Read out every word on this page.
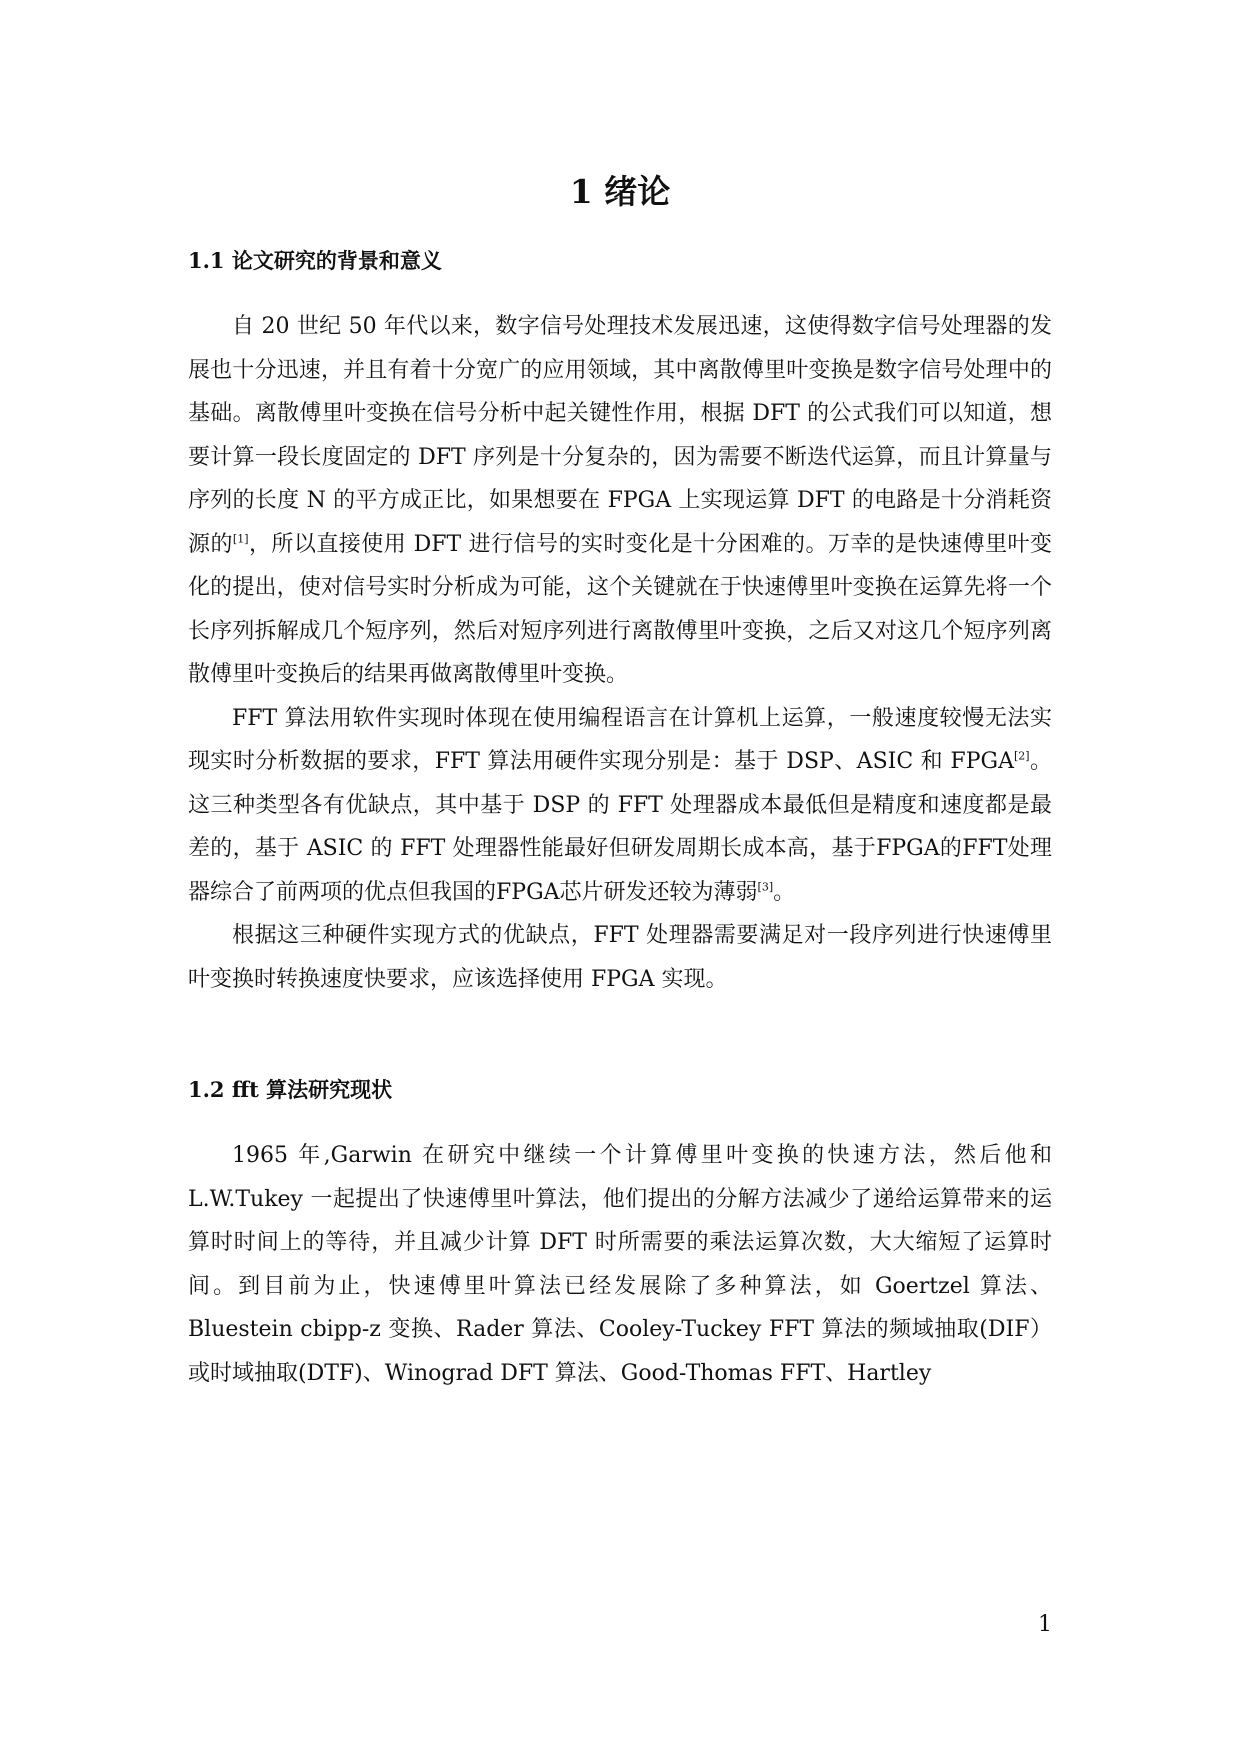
1 绪论
1.1 论文研究的背景和意义

自 20 世纪 50 年代以来，数字信号处理技术发展迅速，这使得数字信号处理器的发展也十分迅速，并且有着十分宽广的应用领域，其中离散傅里叶变换是数字信号处理中的基础。离散傅里叶变换在信号分析中起关键性作用，根据 DFT 的公式我们可以知道，想要计算一段长度固定的 DFT 序列是十分复杂的，因为需要不断迭代运算，而且计算量与序列的长度 N 的平方成正比，如果想要在 FPGA 上实现运算 DFT 的电路是十分消耗资源的[1]，所以直接使用 DFT 进行信号的实时变化是十分困难的。万幸的是快速傅里叶变化的提出，使对信号实时分析成为可能，这个关键就在于快速傅里叶变换在运算先将一个长序列拆解成几个短序列，然后对短序列进行离散傅里叶变换，之后又对这几个短序列离散傅里叶变换后的结果再做离散傅里叶变换。

FFT 算法用软件实现时体现在使用编程语言在计算机上运算，一般速度较慢无法实现实时分析数据的要求，FFT 算法用硬件实现分别是：基于 DSP、ASIC 和 FPGA[2]。这三种类型各有优缺点，其中基于 DSP 的 FFT 处理器成本最低但是精度和速度都是最差的，基于 ASIC 的 FFT 处理器性能最好但研发周期长成本高，基于FPGA的FFT处理器综合了前两项的优点但我国的FPGA芯片研发还较为薄弱[3]。

根据这三种硬件实现方式的优缺点，FFT 处理器需要满足对一段序列进行快速傅里叶变换时转换速度快要求，应该选择使用 FPGA 实现。

1.2 fft 算法研究现状

1965 年,Garwin 在研究中继续一个计算傅里叶变换的快速方法，然后他和 L.W.Tukey 一起提出了快速傅里叶算法，他们提出的分解方法减少了递给运算带来的运算时时间上的等待，并且减少计算 DFT 时所需要的乘法运算次数，大大缩短了运算时间。到目前为止，快速傅里叶算法已经发展除了多种算法，如 Goertzel 算法、Bluestein cbipp-z 变换、Rader 算法、Cooley-Tuckey FFT 算法的频域抽取(DIF）或时域抽取(DTF)、Winograd DFT 算法、Good-Thomas FFT、Hartley

1
